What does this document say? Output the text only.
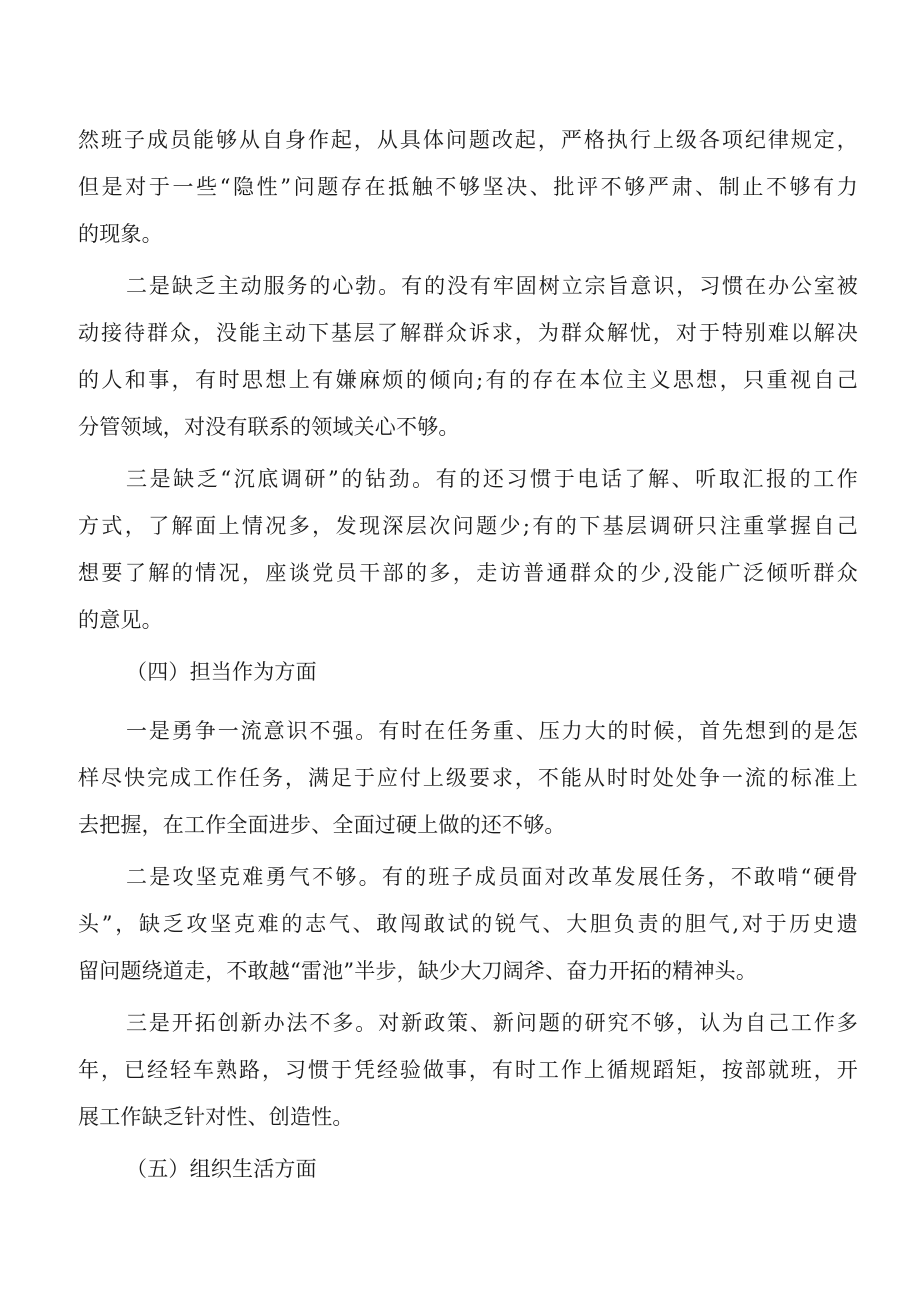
然班子成员能够从自身作起，从具体问题改起，严格执行上级各项纪律规定，
但是对于一些“隐性”问题存在抵触不够坚决、批评不够严肃、制止不够有力
的现象。
二是缺乏主动服务的心勃。有的没有牢固树立宗旨意识，习惯在办公室被
动接待群众，没能主动下基层了解群众诉求，为群众解忧，对于特别难以解决
的人和事，有时思想上有嫌麻烦的倾向;有的存在本位主义思想，只重视自己
分管领域，对没有联系的领域关心不够。
三是缺乏“沉底调研”的钻劲。有的还习惯于电话了解、听取汇报的工作
方式，了解面上情况多，发现深层次问题少;有的下基层调研只注重掌握自己
想要了解的情况，座谈党员干部的多，走访普通群众的少,没能广泛倾听群众
的意见。
（四）担当作为方面
一是勇争一流意识不强。有时在任务重、压力大的时候，首先想到的是怎
样尽快完成工作任务，满足于应付上级要求，不能从时时处处争一流的标准上
去把握，在工作全面进步、全面过硬上做的还不够。
二是攻坚克难勇气不够。有的班子成员面对改革发展任务，不敢啃“硬骨
头”，缺乏攻坚克难的志气、敢闯敢试的锐气、大胆负责的胆气,对于历史遗
留问题绕道走，不敢越“雷池”半步，缺少大刀阔斧、奋力开拓的精神头。
三是开拓创新办法不多。对新政策、新问题的研究不够，认为自己工作多
年，已经轻车熟路，习惯于凭经验做事，有时工作上循规蹈矩，按部就班，开
展工作缺乏针对性、创造性。
（五）组织生活方面
